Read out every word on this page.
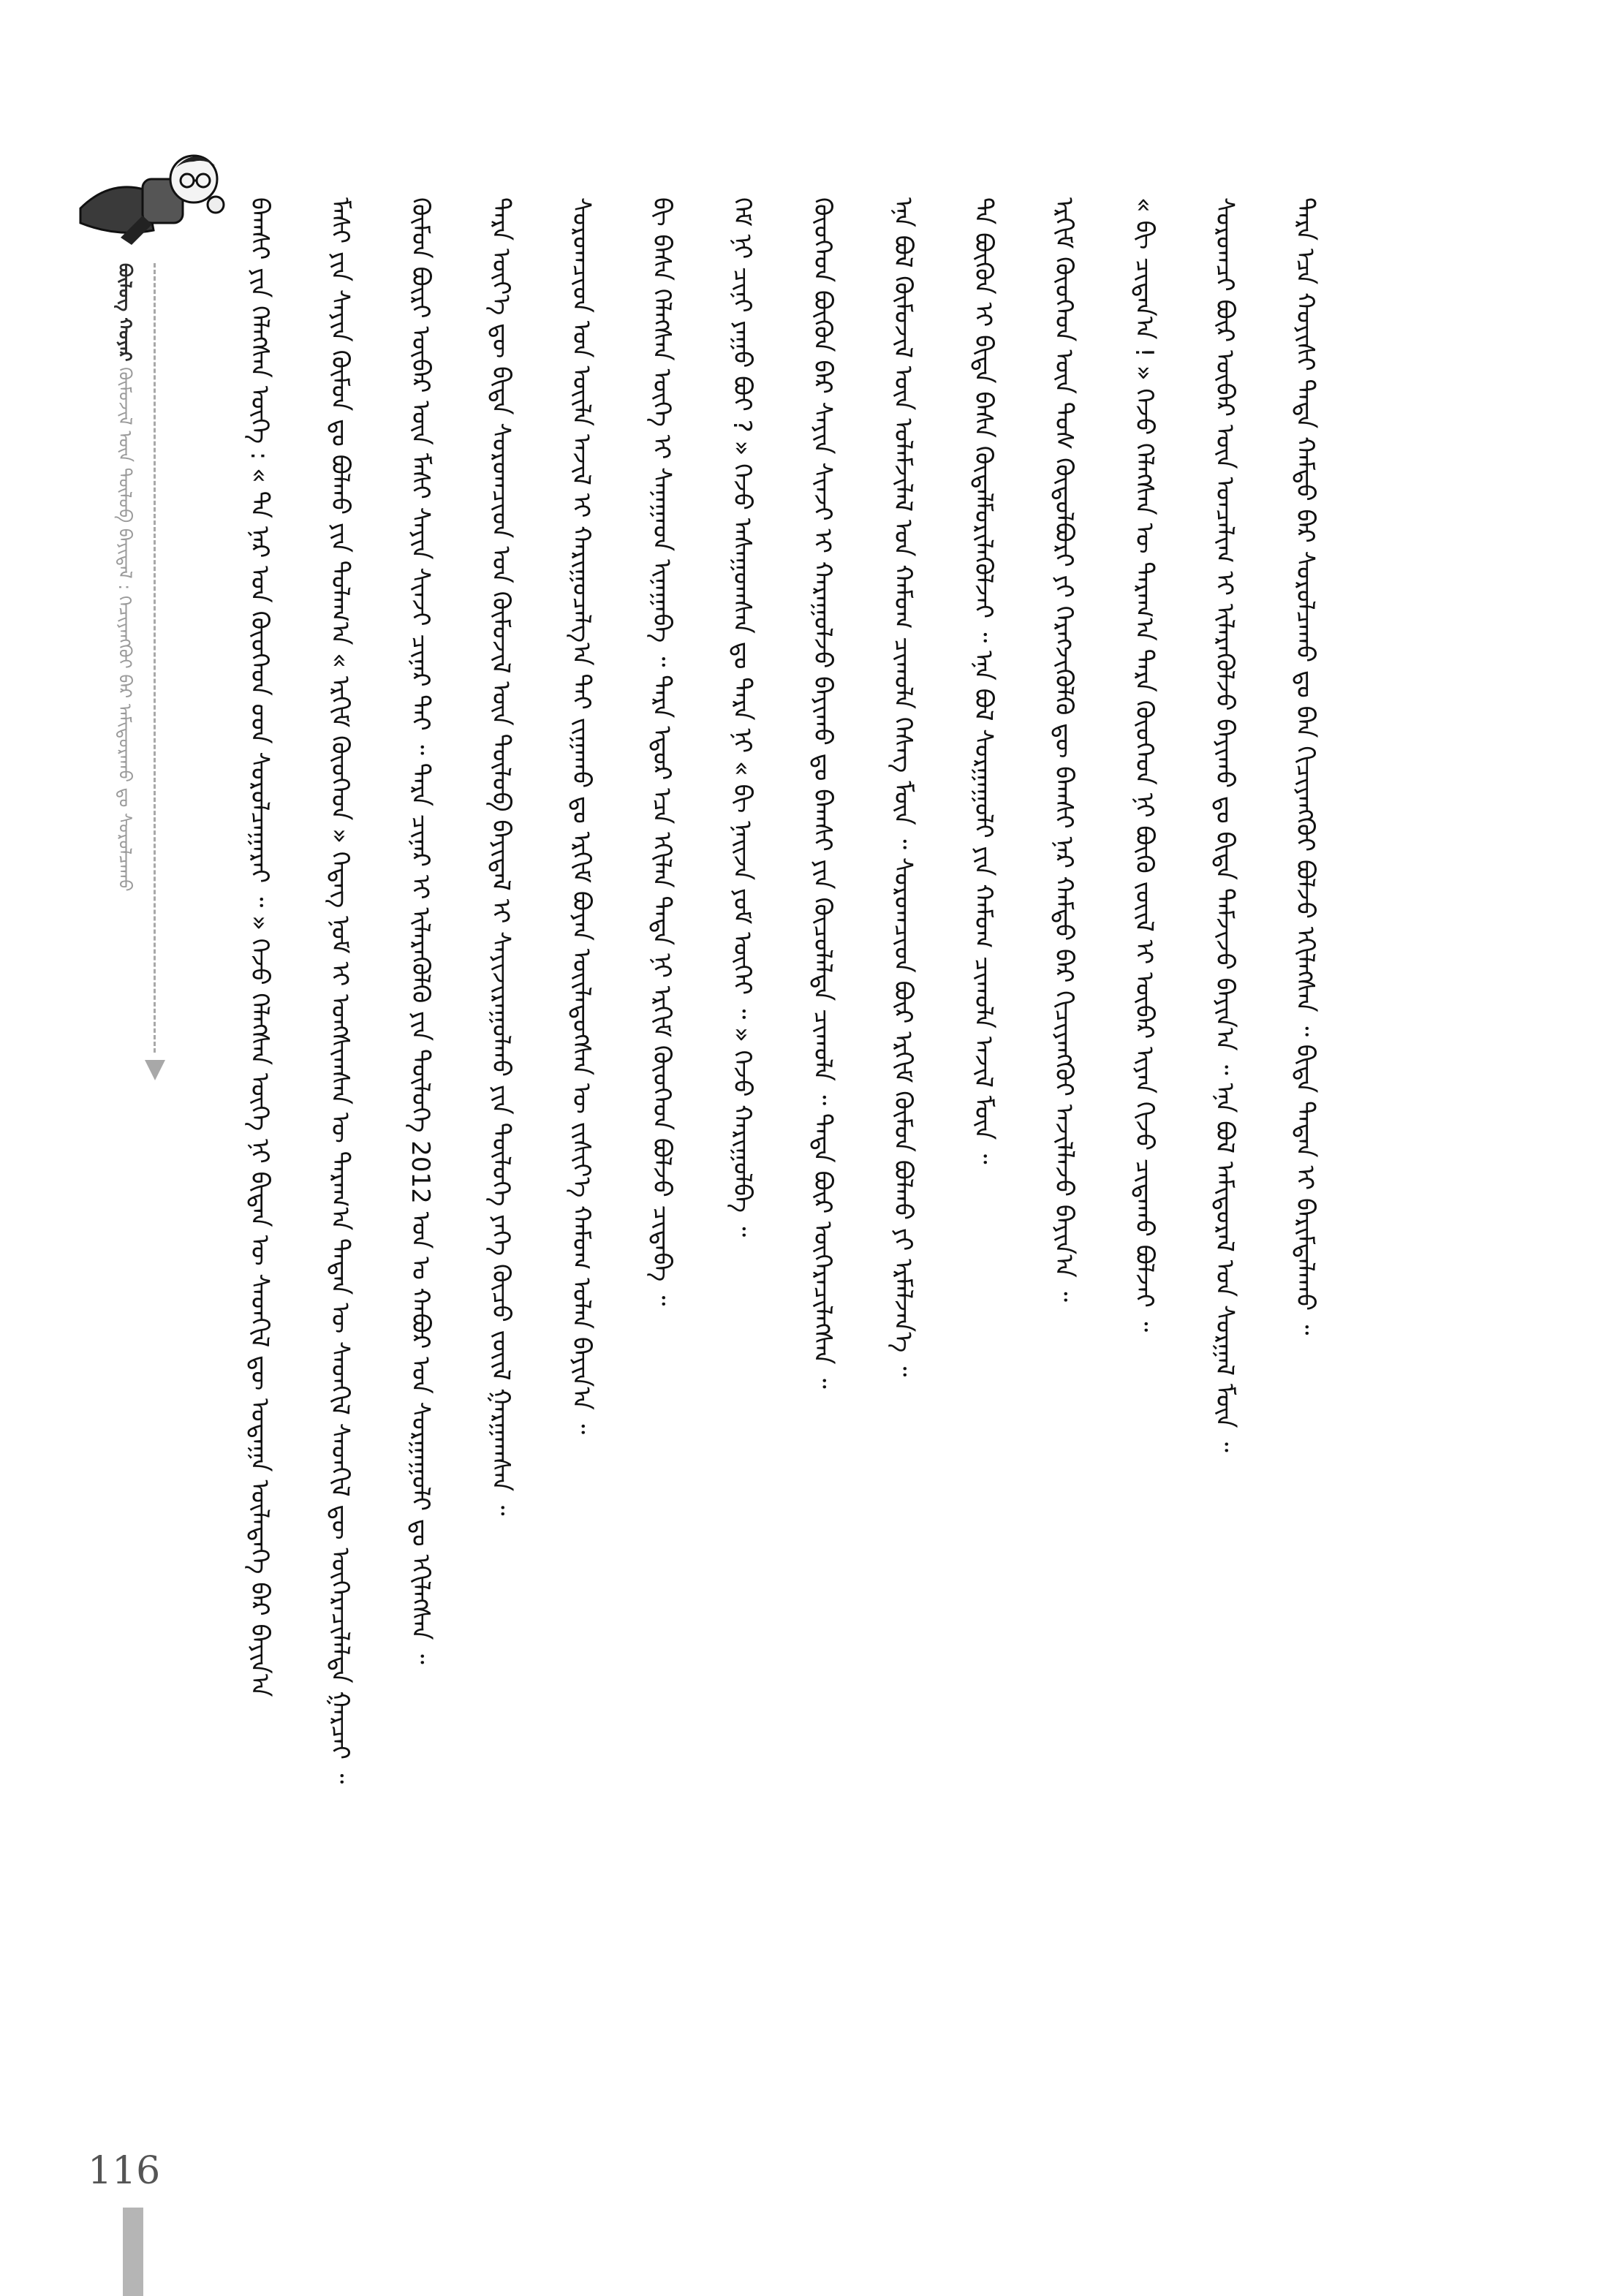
ᠪᠦᠯᠦᠭ ᠬᠣᠶᠠᠷ ᠬᠦᠮᠦᠵᠢᠯ ᠦᠨ ᠲᠥᠯᠦᠪ ᠪᠠᠶᠢᠳᠠᠯ : ᠬᠡᠴᠢᠶᠡᠩᠭᠦᠢ ᠪᠡᠷ ᠠᠮᠢᠳᠤᠷᠠᠬᠤ ᠳᠤ ᠰᠤᠷᠤᠯᠴᠠᠬᠤ	ᠪᠠᠭᠰᠢ ᠶᠢᠨ ᠬᠡᠯᠡᠭᠰᠡᠨ ᠦᠭᠡ : « ᠲᠠ ᠨᠠᠷ ᠤᠨ ᠬᠦᠦᠬᠡᠳ ᠦ᠋ᠳ ᠰᠤᠷᠤᠯᠴᠠᠭᠠᠷᠠᠢ ᠃ » ᠭᠡᠵᠦ ᠬᠡᠯᠡᠭᠰᠡᠨ ᠦᠭᠡ ᠨᠢ ᠪᠢᠳᠡᠨ ᠦ ᠰᠡᠳᠬᠢᠯ ᠳᠦ ᠤᠳᠠᠭᠠ ᠦᠯᠡᠳᠡᠭᠡ ᠪᠡᠷ ᠪᠠᠶᠢᠨ᠎ᠠ ᠮᠠᠰᠢ ᠶᠢᠨ ᠰᠠᠶᠢᠨ ᠬᠦᠮᠦᠨ ᠳᠤ ᠪᠣᠯᠬᠤ ᠶᠢᠨ ᠲᠤᠯᠠᠭ᠎ᠠ « ᠡᠷᠬᠢᠮ ᠬᠦᠦᠬᠡᠳ » ᠭᠡᠳᠡᠭ ᠨᠣᠮ ᠢ ᠤᠩᠰᠢᠭᠰᠠᠨ ᠦ ᠳᠠᠷᠠᠭ᠎ᠠ ᠲᠡᠳᠡᠨ ᠦ ᠰᠡᠳᠬᠢᠯ ᠰᠡᠳᠬᠢᠯ ᠳᠦ ᠥᠭᠡᠷᠡᠴᠢᠯᠡᠯᠲᠡ ᠭᠠᠷᠴᠠᠢ ᠃ ᠬᠦᠮᠦᠨ ᠪᠦᠷᠢ ᠥᠪᠡᠷ ᠦᠨ ᠮᠠᠰᠢ ᠰᠠᠶᠢᠨ ᠰᠢᠨᠵᠢ ᠴᠢᠨᠠᠷ ᠲᠠᠢ ᠃ ᠲᠡᠷᠡ ᠴᠢᠨᠠᠷ ᠢ ᠢᠯᠡᠷᠡᠭᠦᠯᠬᠦ ᠶᠢᠨ ᠲᠥᠯᠦᠭᠡ 2012 ᠣᠨ ᠤ ᠬᠠᠪᠤᠷ ᠤᠨ ᠰᠤᠷᠭᠠᠭᠤᠯᠢ ᠳᠤ ᠡᠬᠢᠯᠡᠭᠰᠡᠨ ᠃ ᠲᠡᠷᠡ ᠦᠶ᠎ᠡ ᠳᠦ ᠪᠢᠳᠡ ᠰᠤᠷᠤᠭᠴᠢᠳ ᠤᠨ ᠬᠦᠮᠦᠵᠢᠯ ᠦᠨ ᠲᠥᠯᠦᠪ ᠪᠠᠶᠢᠳᠠᠯ ᠢ ᠰᠠᠶᠢᠵᠢᠷᠠᠭᠤᠯᠬᠤ ᠶᠢᠨ ᠲᠥᠯᠦᠭᠡ ᠶᠡᠬᠡ ᠬᠦᠴᠦ ᠵᠦᠢᠯ ᠭᠠᠷᠭᠠᠭᠰᠠᠨ ᠃ ᠰᠤᠷᠤᠭᠴᠢᠳ ᠤᠨ ᠦᠢᠯᠡ ᠠᠵᠢᠯ ᠢ ᠬᠠᠷᠢᠭᠤᠴᠠᠯᠭ᠎ᠠ ᠲᠠᠢ ᠵᠢᠭᠠᠬᠤ ᠳᠤ ᠡᠷᠬᠢᠮ ᠪᠤᠶᠠᠨ ᠦᠢᠯᠡᠳᠦᠭᠰᠡᠨ ᠦ ᠵᠢᠱᠢᠶ᠎ᠡ ᠬᠠᠮᠤᠭ ᠣᠯᠠᠨ ᠪᠠᠶᠢᠨ᠎ᠠ ᠃ ᠪᠢ ᠪᠠᠰᠠ ᠬᠡᠯᠡᠭᠰᠡᠨ ᠦᠭᠡ ᠢ ᠰᠠᠨᠠᠭᠠᠳ ᠢᠨᠠᠭᠠᠪᠠ ᠃ ᠲᠡᠷᠡ ᠡᠳᠦᠷ ᠡᠴᠡ ᠡᠬᠢᠯᠡᠨ ᠲᠡᠳᠡ ᠨᠢ ᠡᠷᠬᠢᠮ ᠬᠦᠦᠬᠡᠳ ᠪᠣᠯᠵᠤ ᠴᠢᠳᠠᠪᠠ ᠃ ᠭᠡᠮ ᠨᠢ ᠴᠢᠨᠢ ᠶᠠᠭᠤ ᠪᠣᠢ ? » ᠭᠡᠵᠦ ᠠᠰᠠᠭᠤᠭᠰᠠᠨ ᠳᠤ ᠲᠡᠷᠡ ᠨᠢ « ᠪᠢ ᠨᠠᠢᠵᠠ ᠶᠤᠮ ᠦᠭᠡᠢ ᠃ » ᠭᠡᠵᠦ ᠬᠠᠷᠢᠭᠤᠯᠪᠠ ᠃ ᠬᠦᠦᠬᠡᠳ ᠪᠦᠬᠦᠨ ᠪᠡᠷ ᠰᠠᠶᠢᠨ ᠰᠢᠨᠵᠢ ᠢ ᠬᠠᠷᠠᠭᠤᠯᠵᠤ ᠪᠠᠶᠢᠬᠤ ᠳᠤ ᠪᠠᠭᠰᠢ ᠶᠢᠨ ᠬᠦᠴᠦᠯᠡᠯᠲᠡ ᠴᠢᠬᠤᠯᠠ ᠃ ᠲᠡᠳᠡ ᠪᠦᠷ ᠥᠭᠡᠷᠡᠴᠢᠯᠡᠭᠰᠡᠨ ᠃ ᠡᠨᠡ ᠪᠣᠯ ᠬᠦᠮᠦᠵᠢᠯ ᠦᠨ ᠤᠯᠠᠮᠵᠢᠯᠠᠯ ᠤᠨ ᠬᠠᠮᠤᠭ ᠴᠢᠬᠤᠯᠠ ᠬᠡᠰᠡᠭ ᠮᠥᠨ ᠃ ᠰᠤᠷᠤᠭᠴᠢᠳ ᠪᠦᠷ ᠡᠷᠬᠢᠮ ᠬᠦᠮᠦᠨ ᠪᠣᠯᠬᠤ ᠶᠢ ᠡᠷᠮᠡᠯᠵᠡᠨ᠎ᠡ ᠃ ᠲᠠ ᠪᠦᠬᠦᠨ ᠢ ᠪᠢᠳᠡ ᠪᠠᠰᠠ ᠬᠦᠳᠡᠯᠮᠦᠷᠢᠯᠡᠭᠦᠯᠵᠡᠢ ᠃ ᠡᠨᠡ ᠪᠣᠯ ᠰᠤᠷᠭᠠᠭᠤᠯᠢ ᠶᠢᠨ ᠬᠠᠮᠤᠭ ᠴᠢᠬᠤᠯᠠ ᠠᠵᠢᠯ ᠮᠥᠨ ᠃ ᠡᠷᠬᠢᠮ ᠬᠦᠦᠬᠡᠳ ᠦᠨ ᠲᠤᠰ ᠬᠥᠲᠦᠯᠪᠦᠷᠢ ᠶᠢ ᠬᠡᠷᠡᠭᠵᠢᠭᠦᠯᠬᠦ ᠳᠦ ᠪᠠᠭᠰᠢ ᠨᠠᠷ ᠬᠠᠮᠲᠤ ᠪᠡᠷ ᠬᠢᠴᠢᠶᠡᠩᠭᠦᠢ ᠠᠵᠢᠯᠯᠠᠵᠤ ᠪᠠᠶᠢᠨ᠎ᠠ ᠃ « ᠪᠢ ᠴᠢᠳᠠᠨ᠎ᠠ ! » ᠭᠡᠵᠦ ᠬᠡᠯᠡᠭᠰᠡᠨ ᠦ ᠳᠠᠷᠠᠭ᠎ᠠ ᠲᠡᠷᠡ ᠬᠦᠦᠬᠡᠳ ᠨᠢ ᠪᠦᠬᠦ ᠵᠦᠢᠯ ᠢ ᠥᠪᠡᠷ ᠢᠶᠡᠨ ᠬᠢᠵᠦ ᠴᠢᠳᠠᠬᠤ ᠪᠣᠯᠵᠠᠢ ᠃ ᠰᠤᠷᠤᠭᠴᠢ ᠪᠦᠷ ᠥᠪᠡᠷ ᠦᠨ ᠣᠨᠴᠠᠯᠢᠭ ᠢ ᠢᠯᠡᠷᠡᠭᠦᠯᠵᠦ ᠪᠠᠶᠢᠬᠤ ᠳᠤ ᠪᠢᠳᠡ ᠳᠡᠮᠵᠢᠵᠦ ᠪᠠᠶᠢᠨ᠎ᠠ ᠃ ᠡᠨᠡ ᠪᠣᠯ ᠠᠮᠢᠳᠤᠷᠠᠯ ᠤᠨ ᠰᠤᠷᠭᠠᠯ ᠮᠥᠨ ᠃ ᠲᠡᠷᠡ ᠡᠴᠡ ᠬᠣᠶᠢᠰᠢ ᠲᠡᠳᠡ ᠬᠠᠮᠲᠤ ᠪᠡᠷ ᠰᠤᠷᠤᠯᠴᠠᠬᠤ ᠳᠤ ᠪᠡᠨ ᠬᠢᠴᠢᠶᠡᠩᠭᠦᠢ ᠪᠣᠯᠵᠤ ᠡᠬᠢᠯᠡᠭᠰᠡᠨ ᠃ ᠪᠢᠳᠡ ᠲᠡᠳᠡᠨ ᠢ ᠪᠠᠷᠢᠮᠲᠠᠯᠠᠬᠤ ᠃
116
